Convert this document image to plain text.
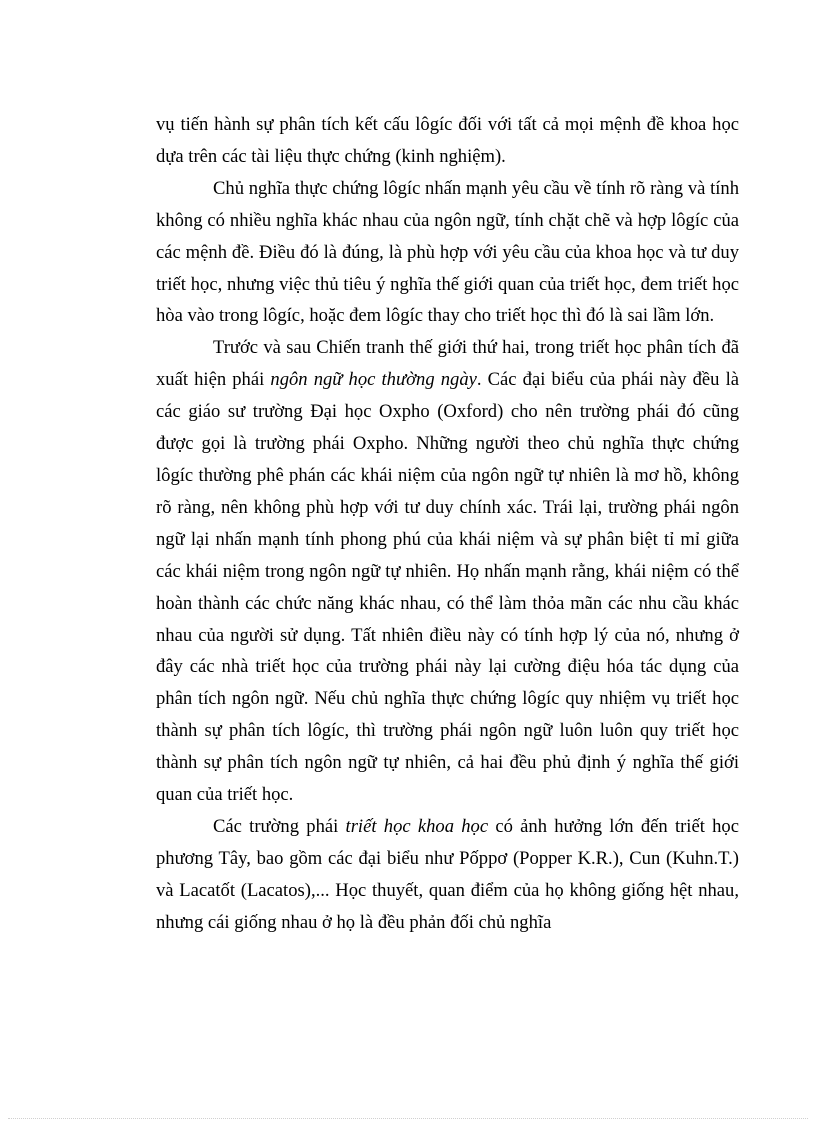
vụ tiến hành sự phân tích kết cấu lôgíc đối với tất cả mọi mệnh đề khoa học dựa trên các tài liệu thực chứng (kinh nghiệm).

Chủ nghĩa thực chứng lôgíc nhấn mạnh yêu cầu về tính rõ ràng và tính không có nhiều nghĩa khác nhau của ngôn ngữ, tính chặt chẽ và hợp lôgíc của các mệnh đề. Điều đó là đúng, là phù hợp với yêu cầu của khoa học và tư duy triết học, nhưng việc thủ tiêu ý nghĩa thế giới quan của triết học, đem triết học hòa vào trong lôgíc, hoặc đem lôgíc thay cho triết học thì đó là sai lầm lớn.

Trước và sau Chiến tranh thế giới thứ hai, trong triết học phân tích đã xuất hiện phái ngôn ngữ học thường ngày. Các đại biểu của phái này đều là các giáo sư trường Đại học Oxpho (Oxford) cho nên trường phái đó cũng được gọi là trường phái Oxpho. Những người theo chủ nghĩa thực chứng lôgíc thường phê phán các khái niệm của ngôn ngữ tự nhiên là mơ hồ, không rõ ràng, nên không phù hợp với tư duy chính xác. Trái lại, trường phái ngôn ngữ lại nhấn mạnh tính phong phú của khái niệm và sự phân biệt tỉ mỉ giữa các khái niệm trong ngôn ngữ tự nhiên. Họ nhấn mạnh rằng, khái niệm có thể hoàn thành các chức năng khác nhau, có thể làm thỏa mãn các nhu cầu khác nhau của người sử dụng. Tất nhiên điều này có tính hợp lý của nó, nhưng ở đây các nhà triết học của trường phái này lại cường điệu hóa tác dụng của phân tích ngôn ngữ. Nếu chủ nghĩa thực chứng lôgíc quy nhiệm vụ triết học thành sự phân tích lôgíc, thì trường phái ngôn ngữ luôn luôn quy triết học thành sự phân tích ngôn ngữ tự nhiên, cả hai đều phủ định ý nghĩa thế giới quan của triết học.

Các trường phái triết học khoa học có ảnh hưởng lớn đến triết học phương Tây, bao gồm các đại biểu như Pốppơ (Popper K.R.), Cun (Kuhn.T.) và Lacatốt (Lacatos),... Học thuyết, quan điểm của họ không giống hệt nhau, nhưng cái giống nhau ở họ là đều phản đối chủ nghĩa
